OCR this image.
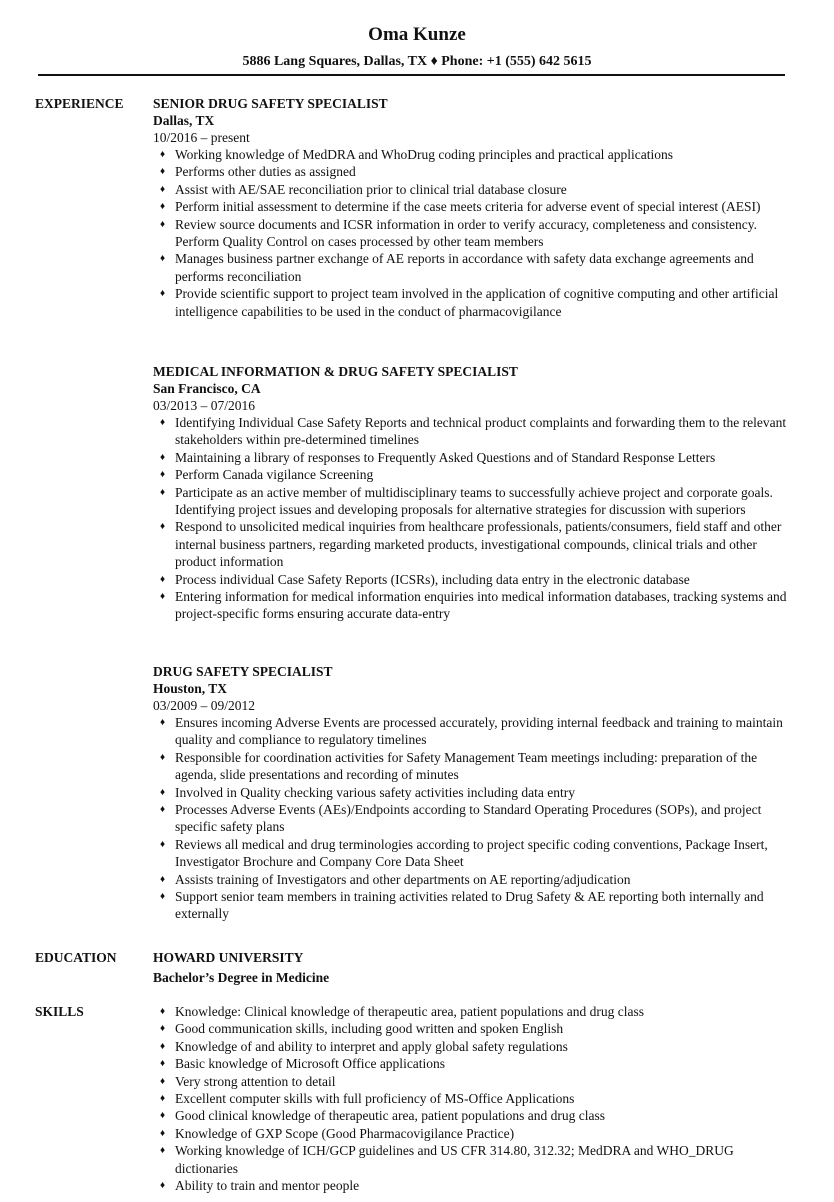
Oma Kunze
5886 Lang Squares, Dallas, TX ♦ Phone: +1 (555) 642 5615
EXPERIENCE SENIOR DRUG SAFETY SPECIALIST
Dallas, TX
10/2016 – present
♦ Working knowledge of MedDRA and WhoDrug coding principles and practical applications
♦ Performs other duties as assigned
♦ Assist with AE/SAE reconciliation prior to clinical trial database closure
♦ Perform initial assessment to determine if the case meets criteria for adverse event of special interest (AESI)
♦ Review source documents and ICSR information in order to verify accuracy, completeness and consistency. Perform Quality Control on cases processed by other team members
♦ Manages business partner exchange of AE reports in accordance with safety data exchange agreements and performs reconciliation
♦ Provide scientific support to project team involved in the application of cognitive computing and other artificial intelligence capabilities to be used in the conduct of pharmacovigilance
MEDICAL INFORMATION & DRUG SAFETY SPECIALIST
San Francisco, CA
03/2013 – 07/2016
♦ Identifying Individual Case Safety Reports and technical product complaints and forwarding them to the relevant stakeholders within pre-determined timelines
♦ Maintaining a library of responses to Frequently Asked Questions and of Standard Response Letters
♦ Perform Canada vigilance Screening
♦ Participate as an active member of multidisciplinary teams to successfully achieve project and corporate goals. Identifying project issues and developing proposals for alternative strategies for discussion with superiors
♦ Respond to unsolicited medical inquiries from healthcare professionals, patients/consumers, field staff and other internal business partners, regarding marketed products, investigational compounds, clinical trials and other product information
♦ Process individual Case Safety Reports (ICSRs), including data entry in the electronic database
♦ Entering information for medical information enquiries into medical information databases, tracking systems and project-specific forms ensuring accurate data-entry
DRUG SAFETY SPECIALIST
Houston, TX
03/2009 – 09/2012
♦ Ensures incoming Adverse Events are processed accurately, providing internal feedback and training to maintain quality and compliance to regulatory timelines
♦ Responsible for coordination activities for Safety Management Team meetings including: preparation of the agenda, slide presentations and recording of minutes
♦ Involved in Quality checking various safety activities including data entry
♦ Processes Adverse Events (AEs)/Endpoints according to Standard Operating Procedures (SOPs), and project specific safety plans
♦ Reviews all medical and drug terminologies according to project specific coding conventions, Package Insert, Investigator Brochure and Company Core Data Sheet
♦ Assists training of Investigators and other departments on AE reporting/adjudication
♦ Support senior team members in training activities related to Drug Safety & AE reporting both internally and externally
EDUCATION	HOWARD UNIVERSITY
Bachelor’s Degree in Medicine
SKILLS	♦ Knowledge: Clinical knowledge of therapeutic area, patient populations and drug class
♦ Good communication skills, including good written and spoken English
♦ Knowledge of and ability to interpret and apply global safety regulations
♦ Basic knowledge of Microsoft Office applications
♦ Very strong attention to detail
♦ Excellent computer skills with full proficiency of MS-Office Applications
♦ Good clinical knowledge of therapeutic area, patient populations and drug class
♦ Knowledge of GXP Scope (Good Pharmacovigilance Practice)
♦ Working knowledge of ICH/GCP guidelines and US CFR 314.80, 312.32; MedDRA and WHO_DRUG dictionaries
♦ Ability to train and mentor people
